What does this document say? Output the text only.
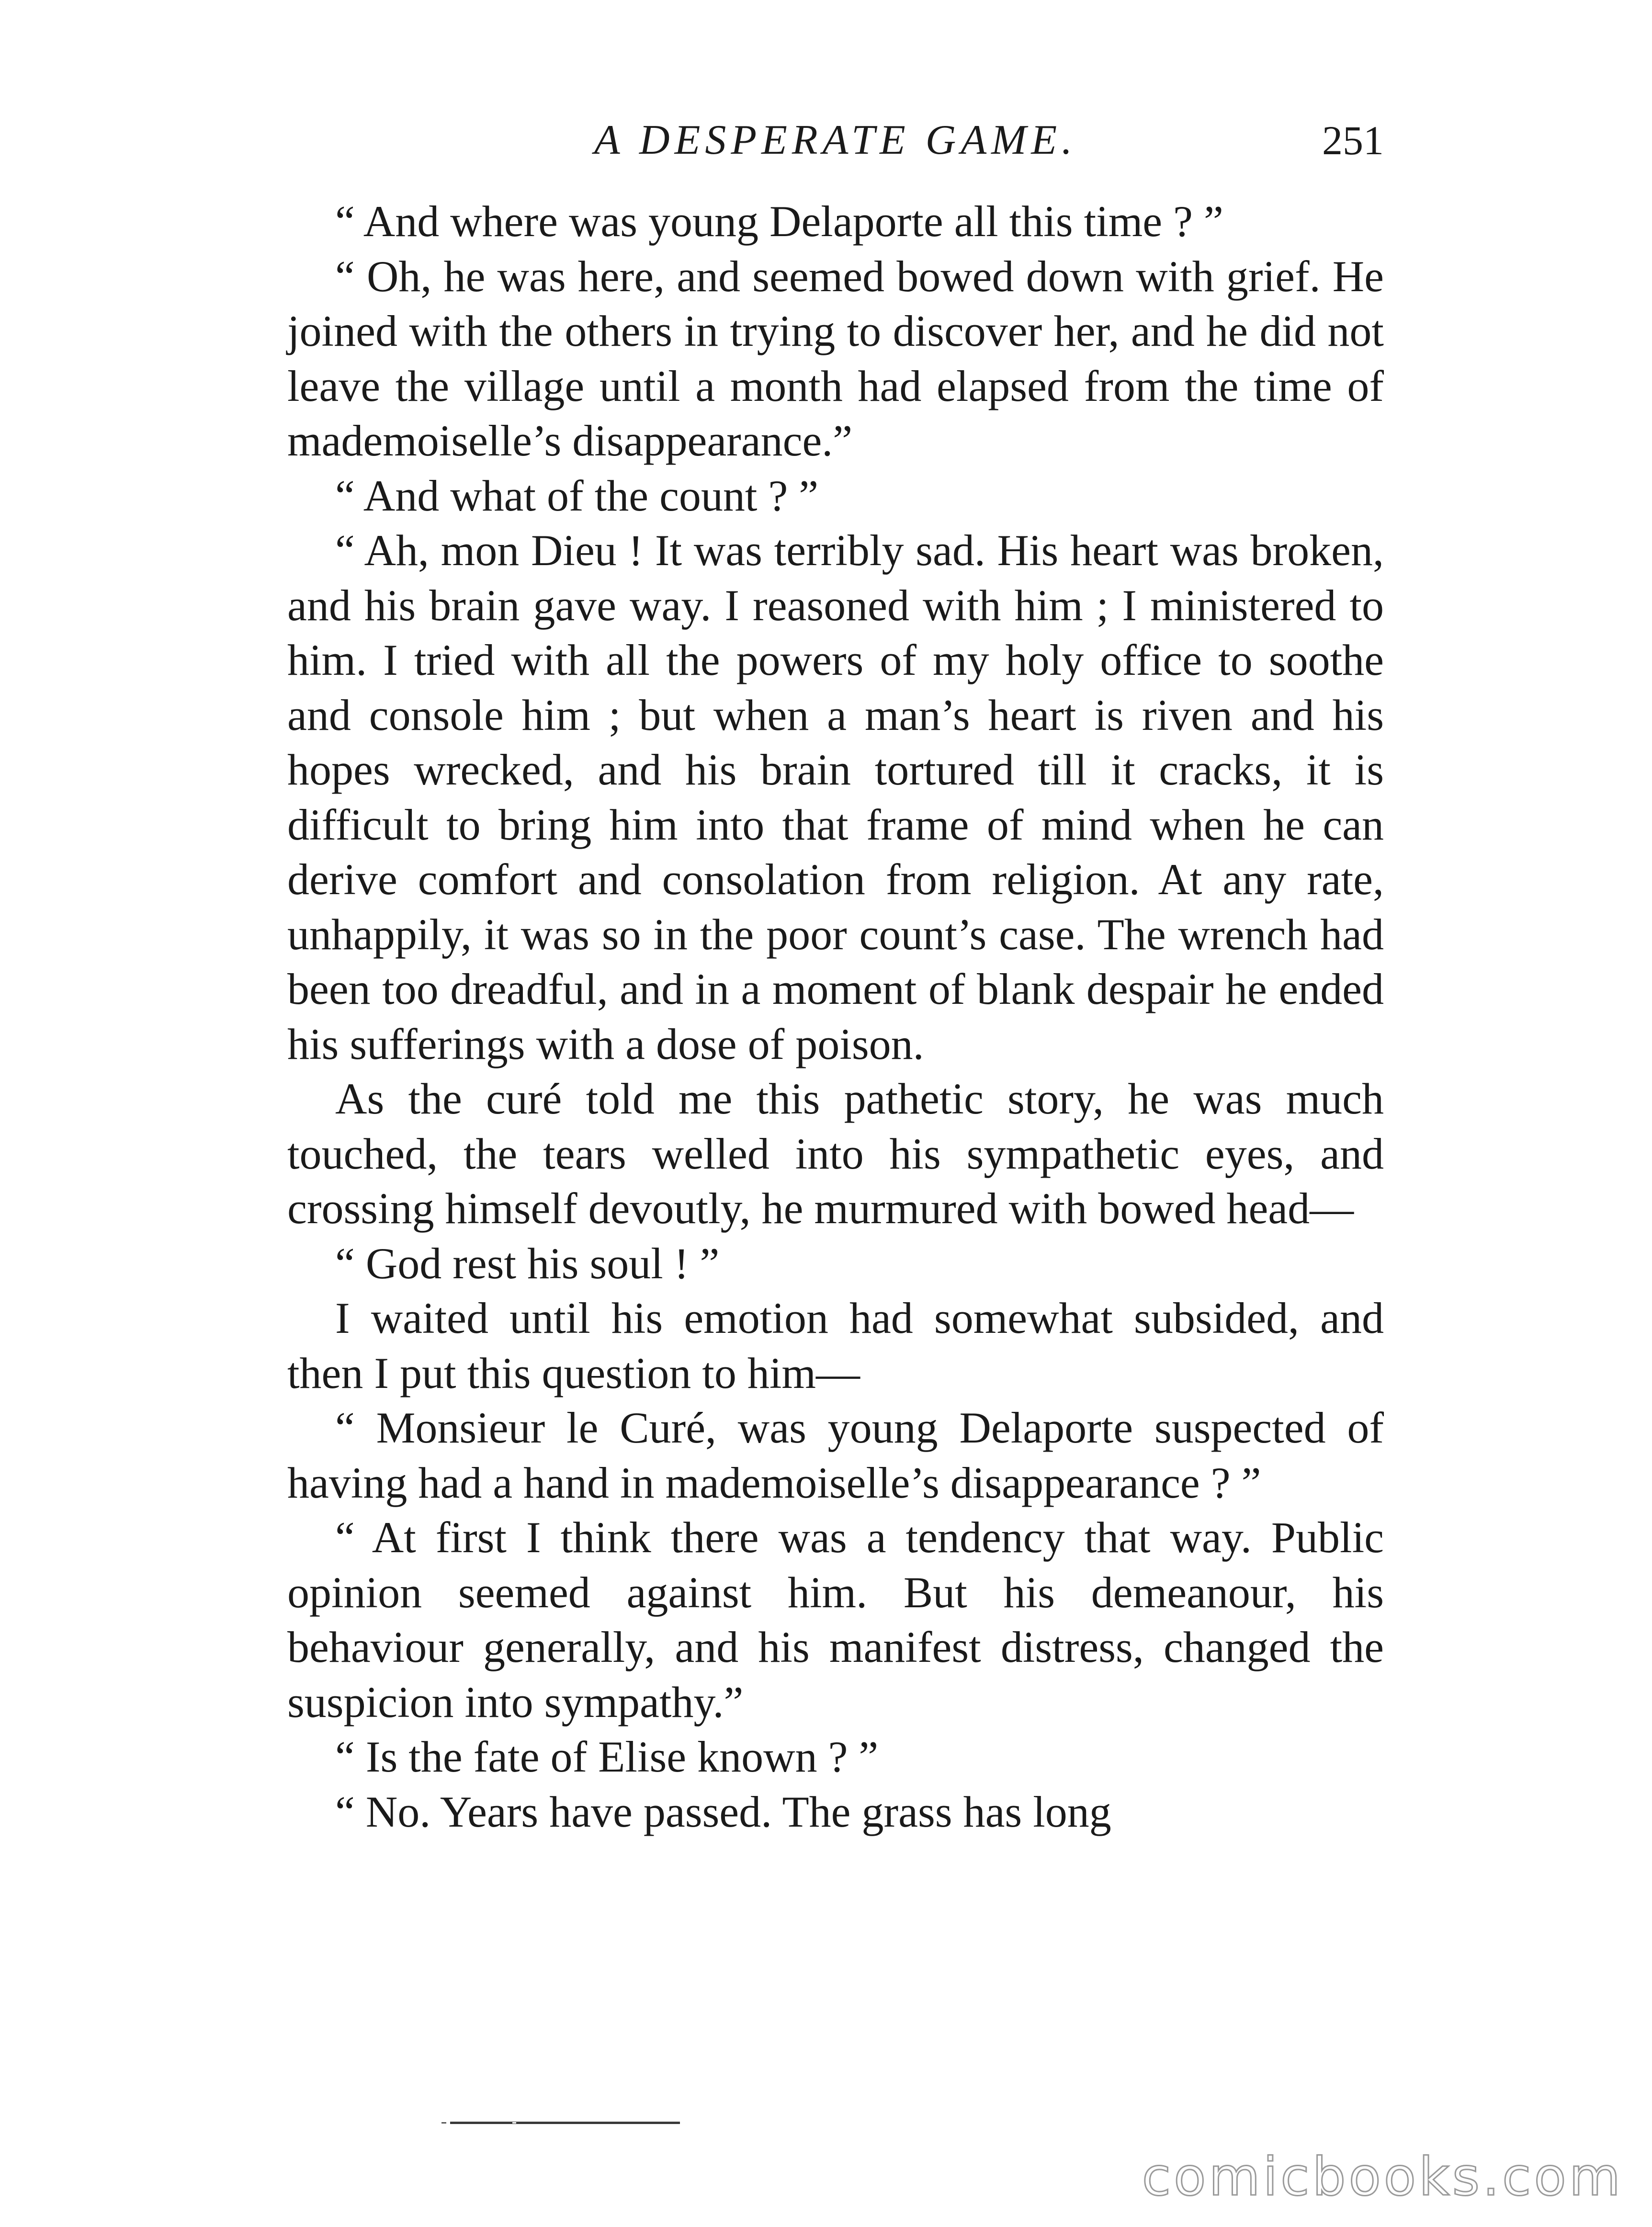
A DESPERATE GAME.	251

“ And where was young Delaporte all this time ? ”

“ Oh, he was here, and seemed bowed down with grief. He joined with the others in trying to discover her, and he did not leave the village until a month had elapsed from the time of mademoiselle’s disappearance.”

“ And what of the count ? ”

“ Ah, mon Dieu ! It was terribly sad. His heart was broken, and his brain gave way. I reasoned with him ; I ministered to him. I tried with all the powers of my holy office to soothe and console him ; but when a man’s heart is riven and his hopes wrecked, and his brain tortured till it cracks, it is difficult to bring him into that frame of mind when he can derive comfort and consolation from religion. At any rate, unhappily, it was so in the poor count’s case. The wrench had been too dreadful, and in a moment of blank despair he ended his sufferings with a dose of poison.

As the curé told me this pathetic story, he was much touched, the tears welled into his sympathetic eyes, and crossing himself devoutly, he murmured with bowed head—

“ God rest his soul ! ”

I waited until his emotion had somewhat subsided, and then I put this question to him—

“ Monsieur le Curé, was young Delaporte suspected of having had a hand in mademoiselle’s disappearance ? ”

“ At first I think there was a tendency that way. Public opinion seemed against him. But his demeanour, his behaviour generally, and his manifest distress, changed the suspicion into sympathy.”

“ Is the fate of Elise known ? ”

“ No. Years have passed. The grass has long

comicbooks.com
